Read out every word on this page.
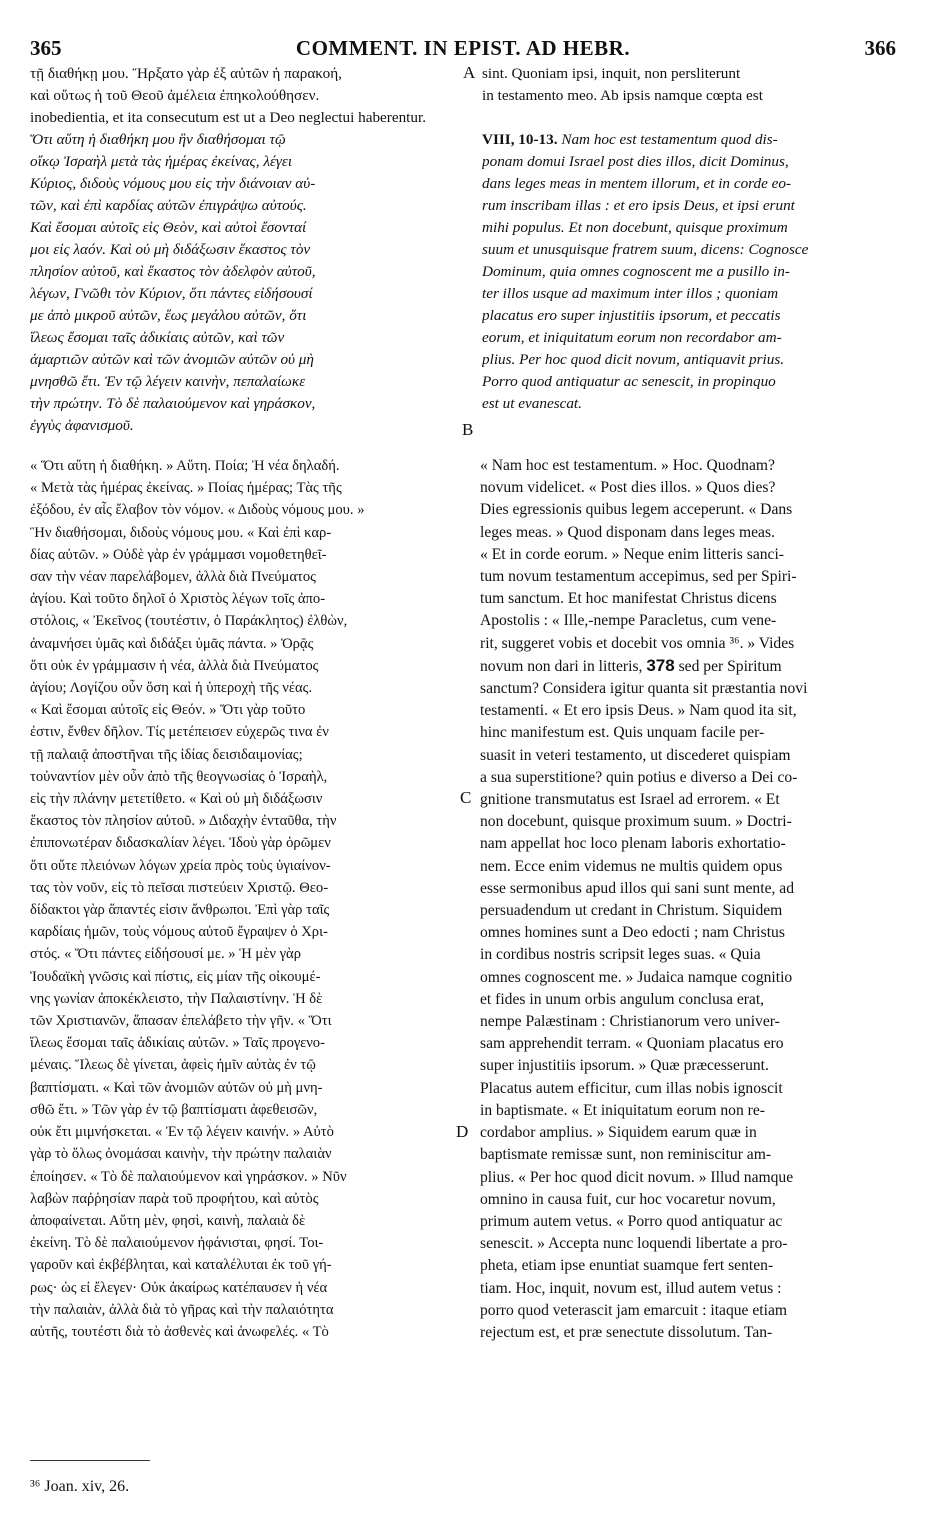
365	COMMENT. IN EPIST. AD HEBR.	366
τῇ διαθήκῃ μου. Ἤρξατο γὰρ ἐξ αὐτῶν ἡ παρακοή,
καὶ οὕτως ἡ τοῦ Θεοῦ ἀμέλεια ἐπηκολούθησεν.
A sint. Quoniam ipsi, inquit, non persliterunt
in testamento meo. Ab ipsis namque cœpta est
inobedientia, et ita consecutum est ut a Deo neglectui haberentur.
Ὅτι αὕτη ἡ διαθήκη μου ἣν διαθήσομαι τῷ
οἴκῳ Ἰσραὴλ μετὰ τὰς ἡμέρας ἐκείνας, λέγει
Κύριος, διδοὺς νόμους μου εἰς τὴν διάνοιαν αὐ-
τῶν, καὶ ἐπὶ καρδίας αὐτῶν ἐπιγράψω αὐτούς.
Καὶ ἔσομαι αὐτοῖς εἰς Θεὸν, καὶ αὐτοὶ ἔσονταί
μοι εἰς λαόν. Καὶ οὐ μὴ διδάξωσιν ἕκαστος τὸν
πλησίον αὐτοῦ, καὶ ἕκαστος τὸν ἀδελφὸν αὐτοῦ,
λέγων, Γνῶθι τὸν Κύριον, ὅτι πάντες εἰδήσουσί
με ἀπὸ μικροῦ αὐτῶν, ἕως μεγάλου αὐτῶν, ὅτι
ἵλεως ἔσομαι ταῖς ἀδικίαις αὐτῶν, καὶ τῶν
ἁμαρτιῶν αὐτῶν καὶ τῶν ἀνομιῶν αὐτῶν οὐ μὴ
μνησθῶ ἔτι. Ἐν τῷ λέγειν καινὴν, πεπαλαίωκε
τὴν πρώτην. Τὸ δὲ παλαιούμενον καὶ γηράσκον,
ἐγγὺς ἀφανισμοῦ.
VIII, 10-13. Nam hoc est testamentum quod dis-
ponam domui Israel post dies illos, dicit Dominus,
dans leges meas in mentem illorum, et in corde eo-
rum inscribam illas : et ero ipsis Deus, et ipsi erunt
mihi populus. Et non docebunt, quisque proximum
suum et unusquisque fratrem suum, dicens: Cognosce
Dominum, quia omnes cognoscent me a pusillo in-
ter illos usque ad maximum inter illos ; quoniam
placatus ero super injustitiis ipsorum, et peccatis
eorum, et iniquitatum eorum non recordabor am-
plius. Per hoc quod dicit novum, antiquavit prius.
Porro quod antiquatur ac senescit, in propinquo
est ut evanescat.
B
« Ὅτι αὕτη ἡ διαθήκη. » Αὕτη. Ποία; Ἡ νέα δηλαδή.
« Μετὰ τὰς ἡμέρας ἐκείνας. » Ποίας ἡμέρας; Τὰς τῆς
ἐξόδου, ἐν αἷς ἔλαβον τὸν νόμον. « Διδοὺς νόμους μου. »
Ἣν διαθήσομαι, διδοὺς νόμους μου. « Καὶ ἐπὶ καρ-
δίας αὐτῶν. » Οὐδὲ γὰρ ἐν γράμμασι νομοθετηθεῖ-
σαν τὴν νέαν παρελάβομεν, ἀλλὰ διὰ Πνεύματος
ἁγίου. Καὶ τοῦτο δηλοῖ ὁ Χριστὸς λέγων τοῖς ἀπο-
στόλοις, « Ἐκεῖνος (τουτέστιν, ὁ Παράκλητος) ἐλθὼν,
ἀναμνήσει ὑμᾶς καὶ διδάξει ὑμᾶς πάντα. » Ὁρᾷς
ὅτι οὐκ ἐν γράμμασιν ἡ νέα, ἀλλὰ διὰ Πνεύματος
ἁγίου; Λογίζου οὖν ὅση καὶ ἡ ὑπεροχὴ τῆς νέας.
« Καὶ ἔσομαι αὐτοῖς εἰς Θεόν. » Ὅτι γὰρ τοῦτο
ἐστιν, ἔνθεν δῆλον. Τίς μετέπεισεν εὐχερῶς τινα ἐν
τῇ παλαιᾷ ἀποστῆναι τῆς ἰδίας δεισιδαιμονίας;
τοὐναντίον μὲν οὖν ἀπὸ τῆς θεογνωσίας ὁ Ἰσραὴλ,
εἰς τὴν πλάνην μετετίθετο. « Καὶ οὐ μὴ διδάξωσιν
ἕκαστος τὸν πλησίον αὐτοῦ. » Διδαχὴν ἐνταῦθα, τὴν
ἐπιπονωτέραν διδασκαλίαν λέγει. Ἰδοὺ γὰρ ὁρῶμεν
ὅτι οὔτε πλειόνων λόγων χρεία πρὸς τοὺς ὑγιαίνον-
τας τὸν νοῦν, εἰς τὸ πεῖσαι πιστεύειν Χριστῷ. Θεο-
δίδακτοι γὰρ ἅπαντές εἰσιν ἄνθρωποι. Ἐπὶ γὰρ ταῖς
καρδίαις ἡμῶν, τοὺς νόμους αὐτοῦ ἔγραψεν ὁ Χρι-
στός. « Ὅτι πάντες εἰδήσουσί με. » Ἡ μὲν γὰρ
Ἰουδαϊκὴ γνῶσις καὶ πίστις, εἰς μίαν τῆς οἰκουμέ-
νης γωνίαν ἀποκέκλειστο, τὴν Παλαιστίνην. Ἡ δὲ
τῶν Χριστιανῶν, ἅπασαν ἐπελάβετο τὴν γῆν. « Ὅτι
ἵλεως ἔσομαι ταῖς ἀδικίαις αὐτῶν. » Ταῖς προγενο-
μέναις. Ἵλεως δὲ γίνεται, ἀφεὶς ἡμῖν αὐτὰς ἐν τῷ
βαπτίσματι. « Καὶ τῶν ἀνομιῶν αὐτῶν οὐ μὴ μνη-
σθῶ ἔτι. » Τῶν γὰρ ἐν τῷ βαπτίσματι ἀφεθεισῶν,
οὐκ ἔτι μιμνήσκεται. « Ἐν τῷ λέγειν καινήν. » Αὐτὸ
γὰρ τὸ ὅλως ὀνομάσαι καινὴν, τὴν πρώτην παλαιὰν
ἐποίησεν. « Τὸ δὲ παλαιούμενον καὶ γηράσκον. » Νῦν
λαβὼν παῤῥησίαν παρὰ τοῦ προφήτου, καὶ αὐτὸς
ἀποφαίνεται. Αὕτη μὲν, φησὶ, καινὴ, παλαιὰ δὲ
ἐκείνη. Τὸ δὲ παλαιούμενον ἠφάνισται, φησί. Τοι-
γαροῦν καὶ ἐκβέβληται, καὶ καταλέλυται ἐκ τοῦ γή-
ρως· ὡς εἰ ἔλεγεν· Οὐκ ἀκαίρως κατέπαυσεν ἡ νέα
τὴν παλαιὰν, ἀλλὰ διὰ τὸ γῆρας καὶ τὴν παλαιότητα
αὐτῆς, τουτέστι διὰ τὸ ἀσθενὲς καὶ ἀνωφελές. « Τὸ
C
D
« Nam hoc est testamentum. » Hoc. Quodnam?
novum videlicet. « Post dies illos. » Quos dies?
Dies egressionis quibus legem acceperunt. « Dans
leges meas. » Quod disponam dans leges meas.
« Et in corde eorum. » Neque enim litteris sanci-
tum novum testamentum accepimus, sed per Spiri-
tum sanctum. Et hoc manifestat Christus dicens
Apostolis : « Ille,-nempe Paracletus, cum vene-
rit, suggeret vobis et docebit vos omnia ³⁶. » Vides
novum non dari in litteris, 378 sed per Spiritum
sanctum? Considera igitur quanta sit præstantia novi
testamenti. « Et ero ipsis Deus. » Nam quod ita sit,
hinc manifestum est. Quis unquam facile per-
suasit in veteri testamento, ut discederet quispiam
a sua superstitione? quin potius e diverso a Dei co-
gnitione transmutatus est Israel ad errorem. « Et
non docebunt, quisque proximum suum. » Doctri-
nam appellat hoc loco plenam laboris exhortatio-
nem. Ecce enim videmus ne multis quidem opus
esse sermonibus apud illos qui sani sunt mente, ad
persuadendum ut credant in Christum. Siquidem
omnes homines sunt a Deo edocti ; nam Christus
in cordibus nostris scripsit leges suas. « Quia
omnes cognoscent me. » Judaica namque cognitio
et fides in unum orbis angulum conclusa erat,
nempe Palæstinam : Christianorum vero univer-
sam apprehendit terram. « Quoniam placatus ero
super injustitiis ipsorum. » Quæ præcesserunt.
Placatus autem efficitur, cum illas nobis ignoscit
in baptismate. « Et iniquitatum eorum non re-
cordabor amplius. » Siquidem earum quæ in
baptismate remissæ sunt, non reminiscitur am-
plius. « Per hoc quod dicit novum. » Illud namque
omnino in causa fuit, cur hoc vocaretur novum,
primum autem vetus. « Porro quod antiquatur ac
senescit. » Accepta nunc loquendi libertate a pro-
pheta, etiam ipse enuntiat suamque fert senten-
tiam. Hoc, inquit, novum est, illud autem vetus :
porro quod veterascit jam emarcuit : itaque etiam
rejectum est, et præ senectute dissolutum. Tan-
³⁶ Joan. xiv, 26.
